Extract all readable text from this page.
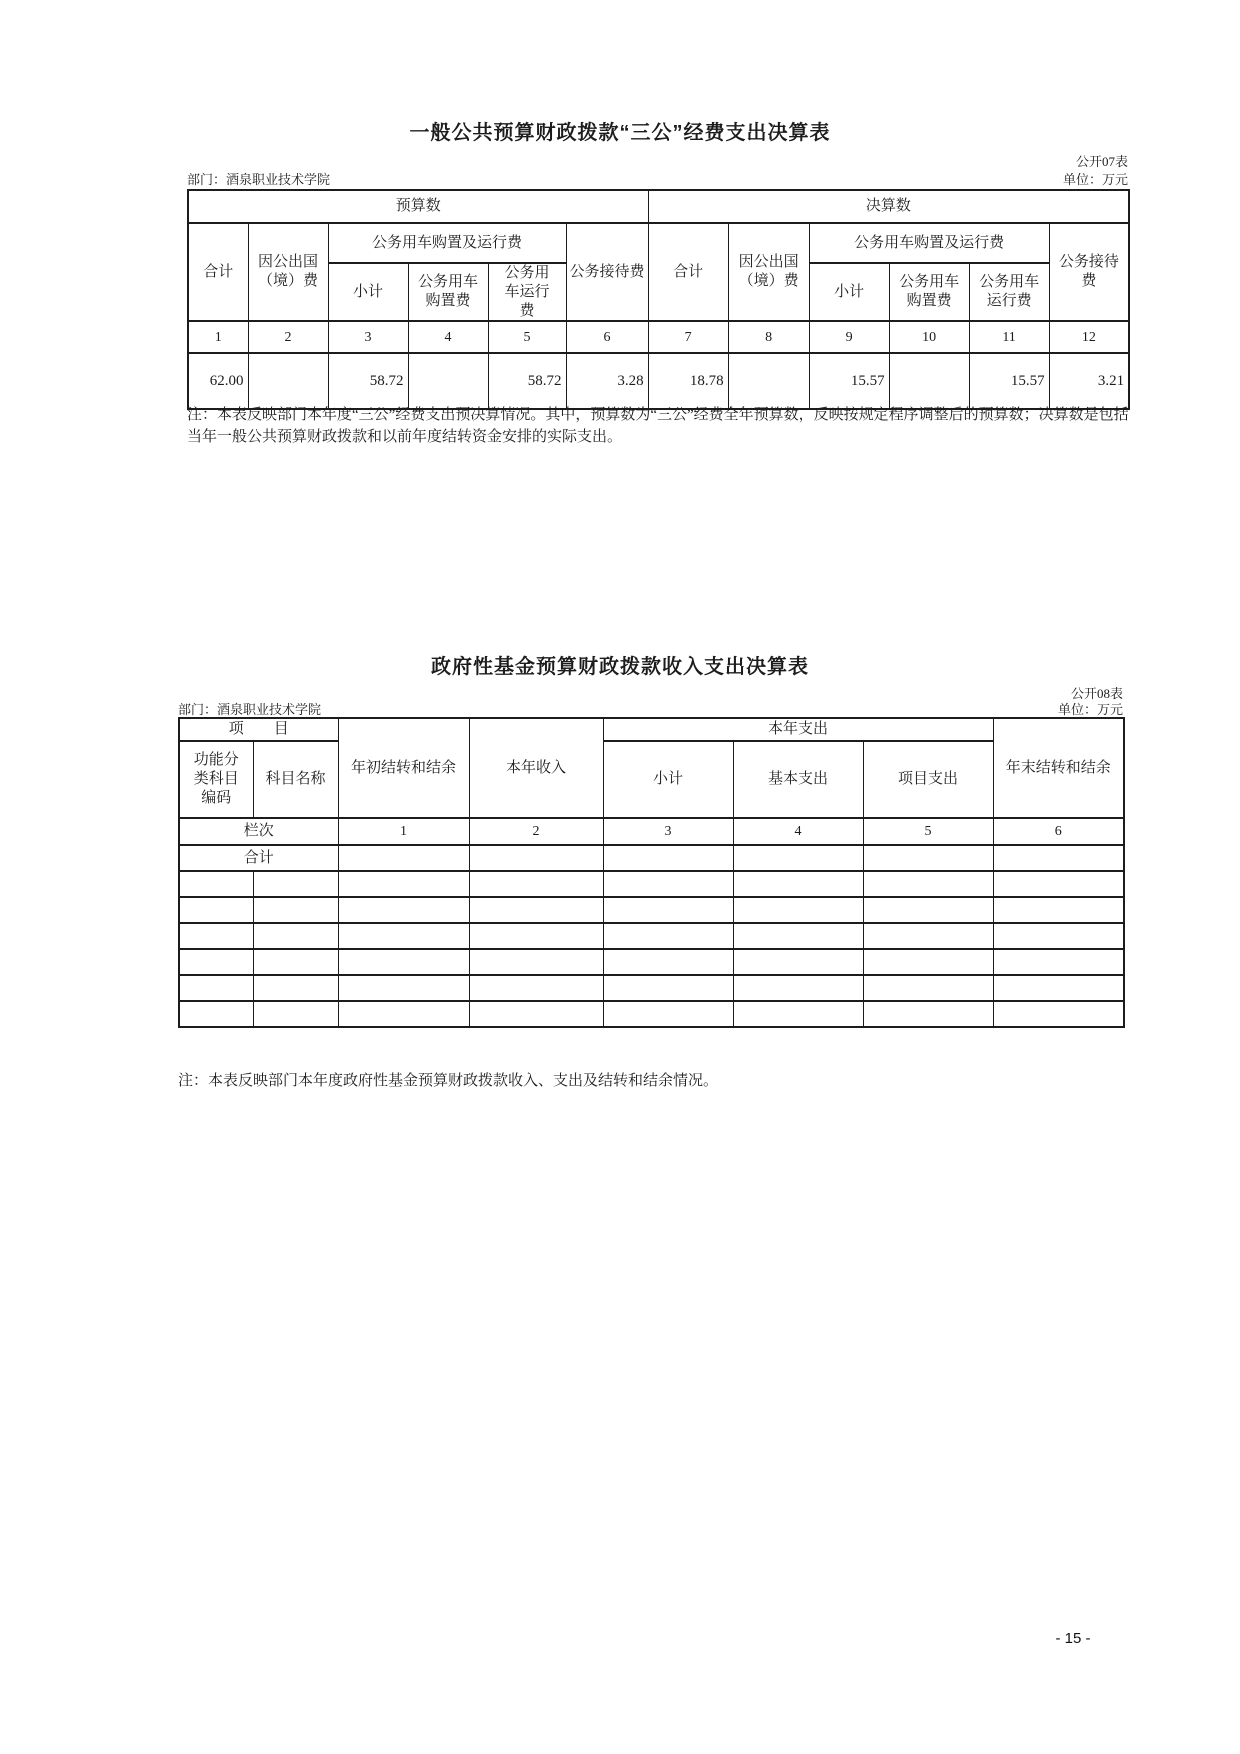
一般公共预算财政拨款“三公”经费支出决算表
公开07表
部门：酒泉职业技术学院	单位：万元
预算数						决算数					
合计	因公出国（境）费	公务用车购置及运行费			公务接待费	合计	因公出国（境）费	公务用车购置及运行费			公务接待费
		小计	公务用车购置费	公务用车运行费				小计	公务用车购置费	公务用车运行费	
1	2	3	4	5	6	7	8	9	10	11	12
62.00		58.72		58.72	3.28	18.78		15.57		15.57	3.21
注：本表反映部门本年度“三公”经费支出预决算情况。其中，预算数为“三公”经费全年预算数，反映按规定程序调整后的预算数；决算数是包括当年一般公共预算财政拨款和以前年度结转资金安排的实际支出。
政府性基金预算财政拨款收入支出决算表
公开08表
部门：酒泉职业技术学院	单位：万元
项　　目		年初结转和结余	本年收入	本年支出			年末结转和结余
功能分类科目编码	科目名称			小计	基本支出	项目支出	
栏次		1	2	3	4	5	6
合计							

注：本表反映部门本年度政府性基金预算财政拨款收入、支出及结转和结余情况。
- 15 -
